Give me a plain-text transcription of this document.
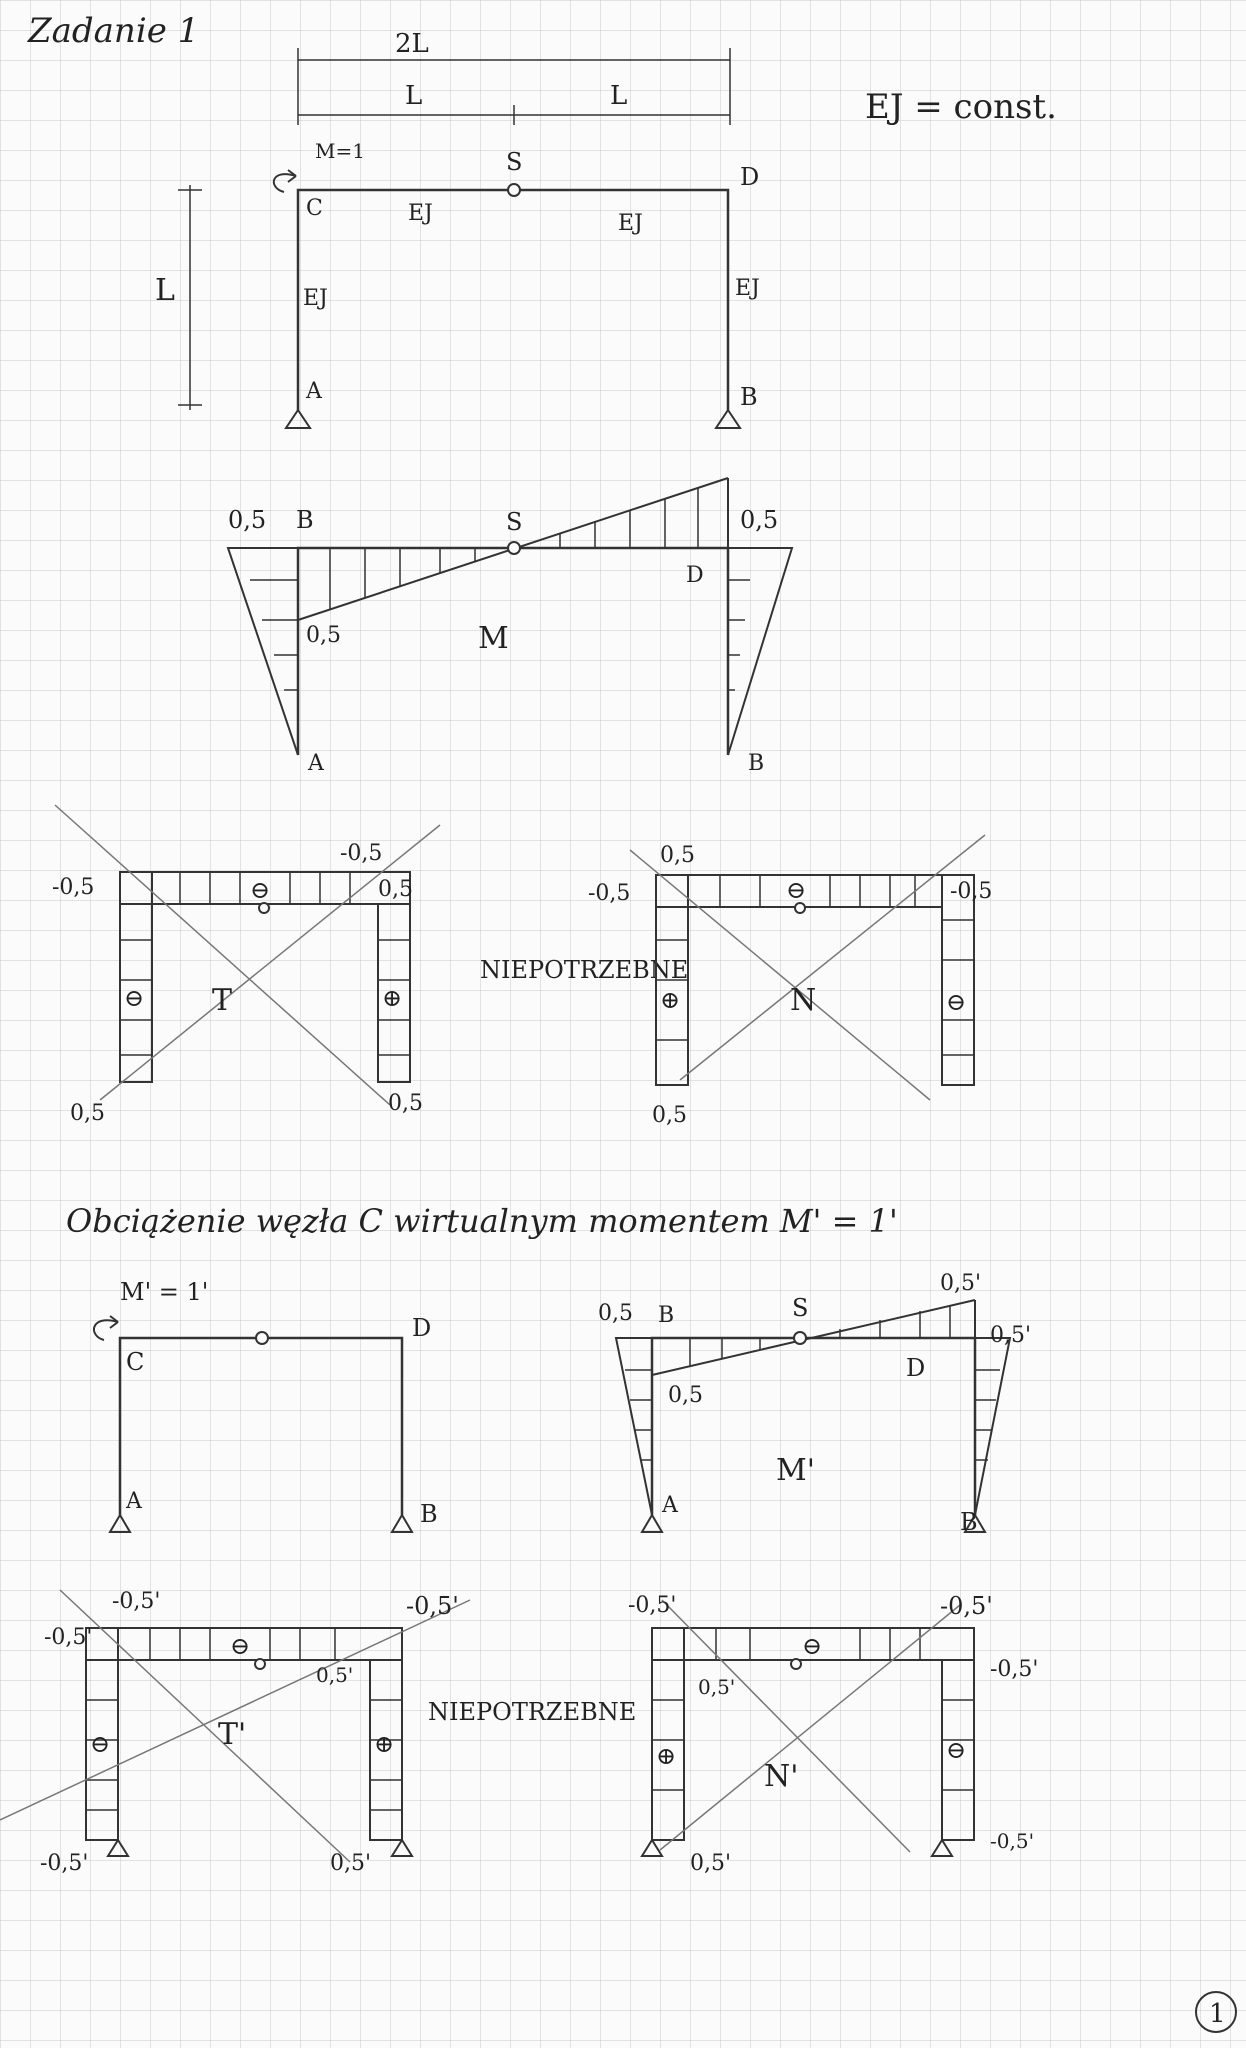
Zadanie 1
EJ = const.
2L
L	L
L
M=1
C
S
D
A	B
EJ	EJ
EJ	EJ
0,5 B	S	0,5
D
0,5	M
A	B
-0,5
-0,5
0,5
0,5
0,5
⊖
⊖	⊕
T
NIEPOTRZEBNE
0,5
-0,5	-0,5
0,5
⊖
⊕	⊖
N
Obciążenie węzła C wirtualnym momentem M' = 1'
M' = 1'
C
D
A	B
0,5 B	S
0,5'
0,5'
0,5
D
M'
A
B
-0,5'
-0,5'
-0,5'
0,5'
-0,5'	0,5'
⊖
⊖	⊕
T'
NIEPOTRZEBNE
-0,5'	-0,5'
-0,5'
0,5'
0,5'
-0,5'
⊖
⊕	⊖
N'
1
